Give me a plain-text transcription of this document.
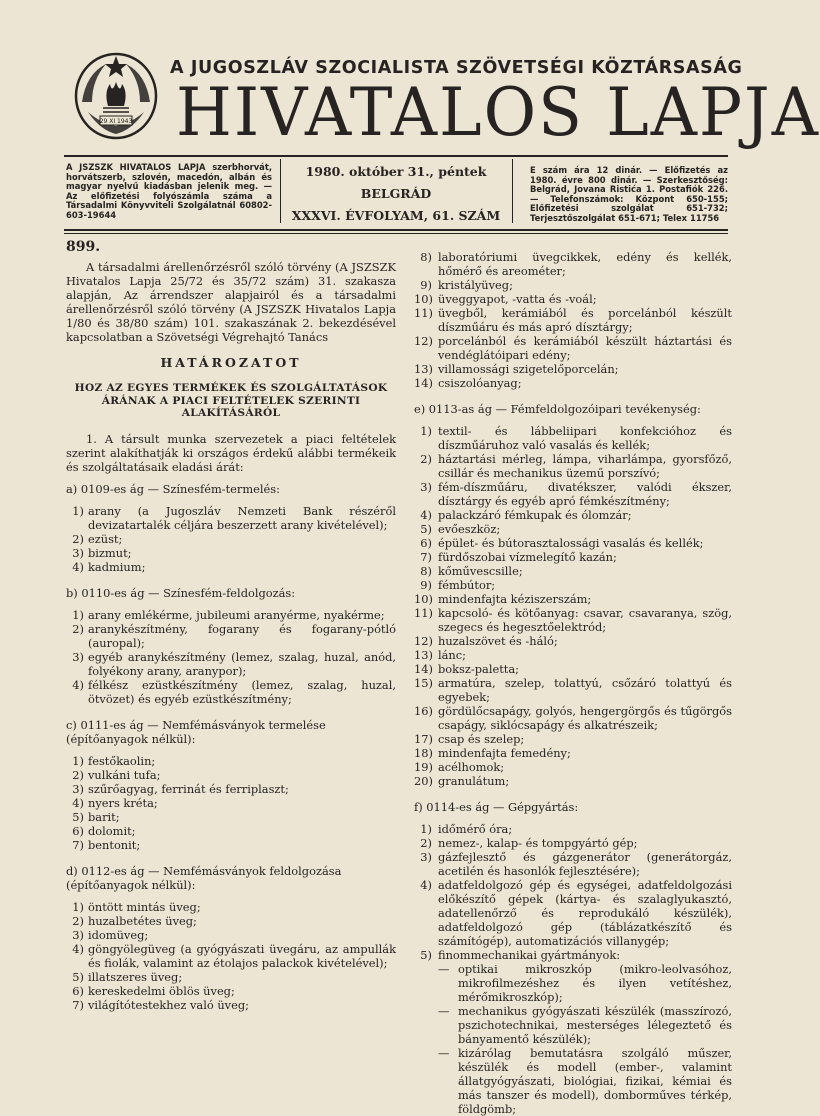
29 XI 1943
A JUGOSZLÁV SZOCIALISTA SZÖVETSÉGI KÖZTÁRSASÁG
HIVATALOS LAPJA
A JSZSZK HIVATALOS LAPJA szerbhorvát, horvátszerb, szlovén, macedón, albán és magyar nyelvű kiadásban jelenik meg. — Az előfizetési folyószámla száma a Társadalmi Könyvviteli Szolgálatnál 60802-603-19644
1980. október 31., péntek
BELGRÁD
XXXVI. ÉVFOLYAM, 61. SZÁM
E szám ára 12 dinár. — Előfizetés az 1980. évre 800 dinár. — Szerkesztőség: Belgrád, Jovana Ristića 1. Postafiók 226. — Telefonszámok: Központ 650-155; Előfizetési szolgálat 651-732; Terjesztőszolgálat 651-671; Telex 11756
899.

A társadalmi árellenőrzésről szóló törvény (A JSZSZK Hivatalos Lapja 25/72 és 35/72 szám) 31. szakasza alapján, Az árrendszer alapjairól és a társadalmi árellenőrzésről szóló törvény (A JSZSZK Hivatalos Lapja 1/80 és 38/80 szám) 101. szakaszának 2. bekezdésével kapcsolatban a Szövetségi Végrehajtó Tanács

HATÁROZATOT
HOZ AZ EGYES TERMÉKEK ÉS SZOLGÁLTATÁSOK ÁRÁNAK A PIACI FELTÉTELEK SZERINTI ALAKÍTÁSÁRÓL

1. A társult munka szervezetek a piaci feltételek szerint alakíthatják ki országos érdekű alábbi termékeik és szolgáltatásaik eladási árát:

a) 0109-es ág — Színesfém-termelés:

1) arany (a Jugoszláv Nemzeti Bank részéről devizatartalék céljára beszerzett arany kivételével);
2) ezüst;
3) bizmut;
4) kadmium;

b) 0110-es ág — Színesfém-feldolgozás:

1) arany emlékérme, jubileumi aranyérme, nyakérme;
2) aranykészítmény, fogarany és fogarany-pótló (auropal);
3) egyéb aranykészítmény (lemez, szalag, huzal, anód, folyékony arany, aranypor);
4) félkész ezüstkészítmény (lemez, szalag, huzal, ötvözet) és egyéb ezüstkészítmény;

c) 0111-es ág — Nemfémásványok termelése (építőanyagok nélkül):

1) festőkaolin;
2) vulkáni tufa;
3) szűrőagyag, ferrinát és ferriplaszt;
4) nyers kréta;
5) barit;
6) dolomit;
7) bentonit;

d) 0112-es ág — Nemfémásványok feldolgozása (építőanyagok nélkül):

1) öntött mintás üveg;
2) huzalbetétes üveg;
3) idomüveg;
4) göngyölegüveg (a gyógyászati üvegáru, az ampullák és fiolák, valamint az étolajos palackok kivételével);
5) illatszeres üveg;
6) kereskedelmi öblös üveg;
7) világítótestekhez való üveg;
8) laboratóriumi üvegcikkek, edény és kellék, hőmérő és areométer;
9) kristályüveg;
10) üveggyapot, -vatta és -voál;
11) üvegből, kerámiából és porcelánból készült díszműáru és más apró dísztárgy;
12) porcelánból és kerámiából készült háztartási és vendéglátóipari edény;
13) villamossági szigetelőporcelán;
14) csiszolóanyag;

e) 0113-as ág — Fémfeldolgozóipari tevékenység:

1) textil- és lábbeliipari konfekcióhoz és díszműáruhoz való vasalás és kellék;
2) háztartási mérleg, lámpa, viharlámpa, gyorsfőző, csillár és mechanikus üzemű porszívó;
3) fém-díszműáru, divatékszer, valódi ékszer, dísztárgy és egyéb apró fémkészítmény;
4) palackzáró fémkupak és ólomzár;
5) evőeszköz;
6) épület- és bútorasztalossági vasalás és kellék;
7) fürdőszobai vízmelegítő kazán;
8) kőművescsille;
9) fémbútor;
10) mindenfajta kéziszerszám;
11) kapcsoló- és kötőanyag: csavar, csavaranya, szög, szegecs és hegesztőelektród;
12) huzalszövet és -háló;
13) lánc;
14) boksz-paletta;
15) armatúra, szelep, tolattyú, csőzáró tolattyú és egyebek;
16) gördülőcsapágy, golyós, hengergörgős és tűgörgős csapágy, siklócsapágy és alkatrészeik;
17) csap és szelep;
18) mindenfajta femedény;
19) acélhomok;
20) granulátum;

f) 0114-es ág — Gépgyártás:

1) időmérő óra;
2) nemez-, kalap- és tompgyártó gép;
3) gázfejlesztő és gázgenerátor (generátorgáz, acetilén és hasonlók fejlesztésére);
4) adatfeldolgozó gép és egységei, adatfeldolgozási előkészítő gépek (kártya- és szalaglyukasztó, adatellenőrző és reprodukáló készülék), adatfeldolgozó gép (táblázatkészítő és számítógép), automatizációs villanygép;
5) finommechanikai gyártmányok:
— optikai mikroszkóp (mikro-leolvasóhoz, mikrofilmezéshez és ilyen vetítéshez, mérőmikroszkóp);
— mechanikus gyógyászati készülék (masszírozó, pszichotechnikai, mesterséges lélegeztető és bányamentő készülék);
— kizárólag bemutatásra szolgáló műszer, készülék és modell (ember-, valamint állatgyógyászati, biológiai, fizikai, kémiai és más tanszer és modell), domborműves térkép, földgömb;
